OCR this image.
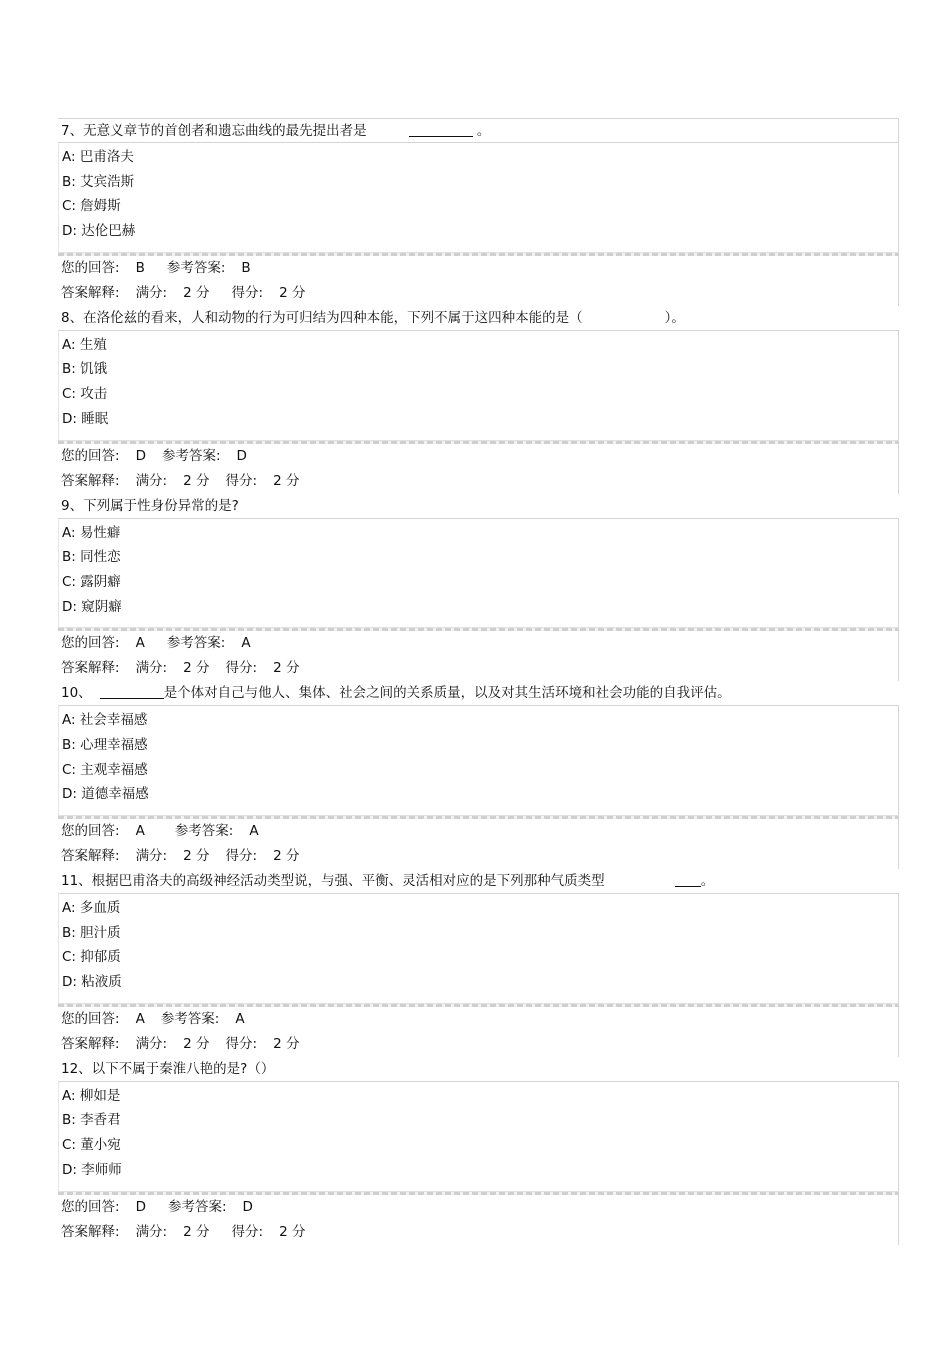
7、无意义章节的首创者和遗忘曲线的最先提出者是	。
A: 巴甫洛夫
B: 艾宾浩斯
C: 詹姆斯
D: 达伦巴赫
您的回答: B 参考答案: B
答案解释: 满分: 2 分 得分: 2 分
8、在洛伦兹的看来，人和动物的行为可归结为四种本能，下列不属于这四种本能的是（	）。
A: 生殖
B: 饥饿
C: 攻击
D: 睡眠
您的回答: D 参考答案: D
答案解释: 满分: 2 分 得分: 2 分
9、下列属于性身份异常的是?
A: 易性癖
B: 同性恋
C: 露阴癖
D: 窥阴癖
您的回答: A 参考答案: A
答案解释: 满分: 2 分 得分: 2 分
10、	是个体对自己与他人、集体、社会之间的关系质量，以及对其生活环境和社会功能的自我评估。
A: 社会幸福感
B: 心理幸福感
C: 主观幸福感
D: 道德幸福感
您的回答: A 参考答案: A
答案解释: 满分: 2 分 得分: 2 分
11、根据巴甫洛夫的高级神经活动类型说，与强、平衡、灵活相对应的是下列那种气质类型	。
A: 多血质
B: 胆汁质
C: 抑郁质
D: 粘液质
您的回答: A 参考答案: A
答案解释: 满分: 2 分 得分: 2 分
12、以下不属于秦淮八艳的是?（）
A: 柳如是
B: 李香君
C: 董小宛
D: 李师师
您的回答: D 参考答案: D
答案解释: 满分: 2 分 得分: 2 分
